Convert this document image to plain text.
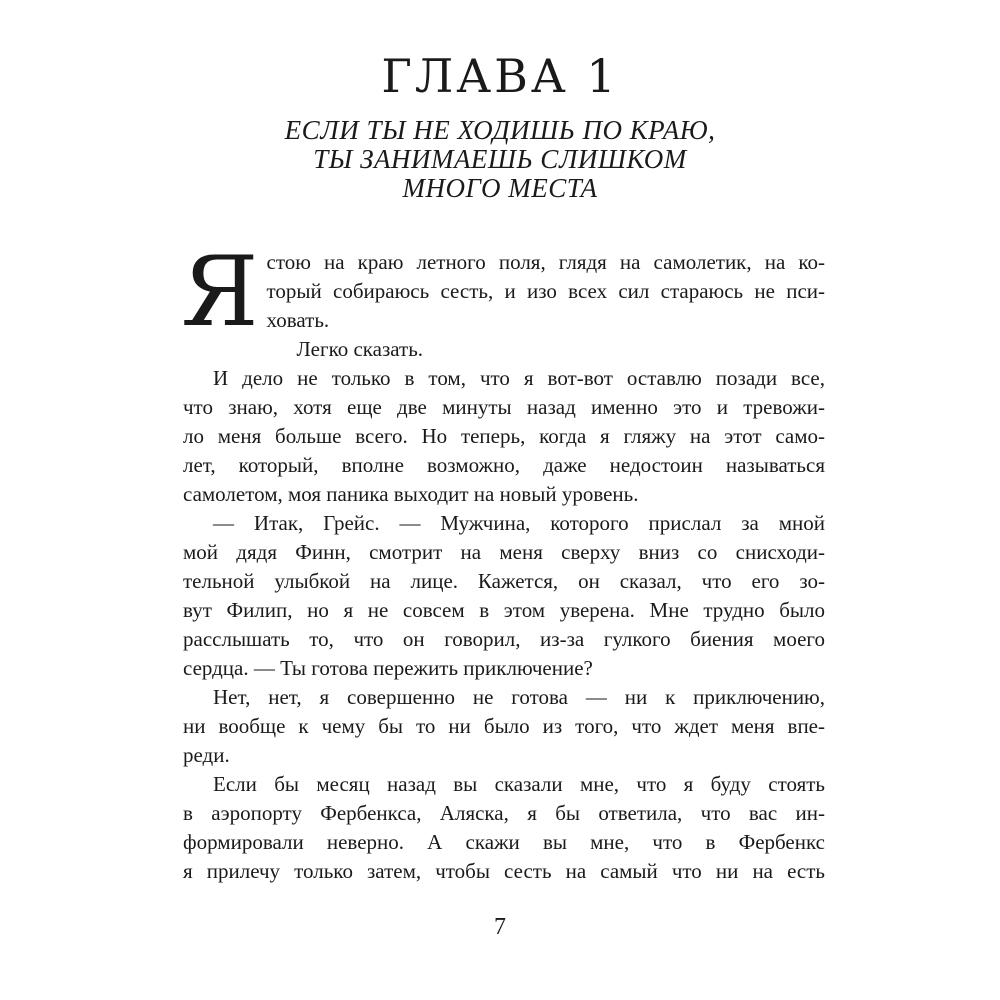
ГЛАВА 1
ЕСЛИ ТЫ НЕ ХОДИШЬ ПО КРАЮ,
ТЫ ЗАНИМАЕШЬ СЛИШКОМ
МНОГО МЕСТА
Я стою на краю летного поля, глядя на самолетик, на ко-

торый собираюсь сесть, и изо всех сил стараюсь не пси-

ховать.

Легко сказать.

И дело не только в том, что я вот-вот оставлю позади все,

что знаю, хотя еще две минуты назад именно это и тревожи-

ло меня больше всего. Но теперь, когда я гляжу на этот само-

лет, который, вполне возможно, даже недостоин называться

самолетом, моя паника выходит на новый уровень.

— Итак, Грейс. — Мужчина, которого прислал за мной

мой дядя Финн, смотрит на меня сверху вниз со снисходи-

тельной улыбкой на лице. Кажется, он сказал, что его зо-

вут Филип, но я не совсем в этом уверена. Мне трудно было

расслышать то, что он говорил, из-за гулкого биения моего

сердца. — Ты готова пережить приключение?

Нет, нет, я совершенно не готова — ни к приключению,

ни вообще к чему бы то ни было из того, что ждет меня впе-

реди.

Если бы месяц назад вы сказали мне, что я буду стоять

в аэропорту Фербенкса, Аляска, я бы ответила, что вас ин-

формировали неверно. А скажи вы мне, что в Фербенкс

я прилечу только затем, чтобы сесть на самый что ни на есть

7
